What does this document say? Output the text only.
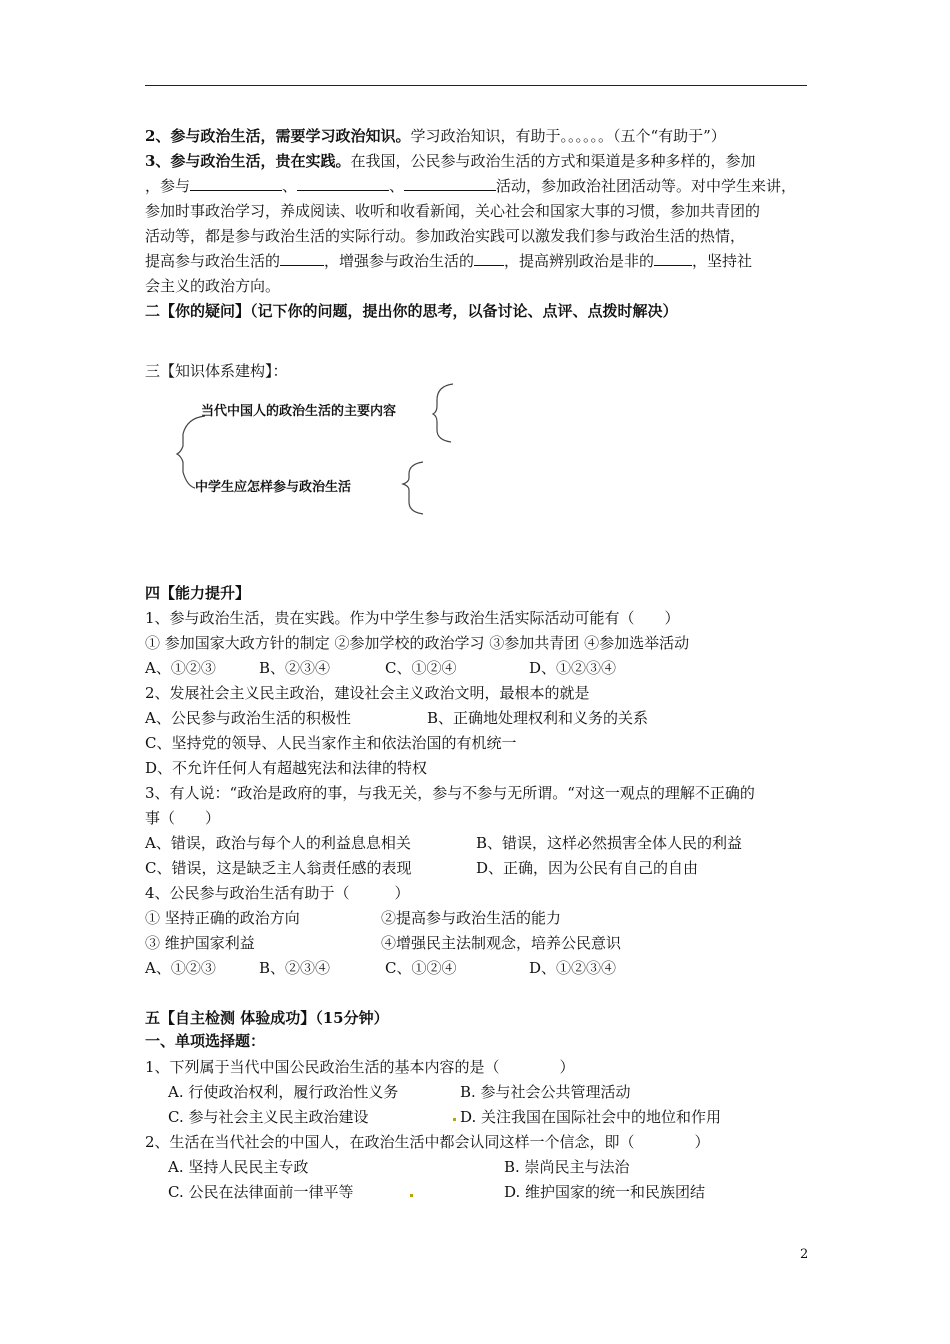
2、参与政治生活，需要学习政治知识。学习政治知识，有助于。。。。。。（五个“有助于”）
3、参与政治生活，贵在实践。在我国，公民参与政治生活的方式和渠道是多种多样的，参加
，参与	、	、	活动，参加政治社团活动等。对中学生来讲，
参加时事政治学习，养成阅读、收听和收看新闻，关心社会和国家大事的习惯，参加共青团的
活动等，都是参与政治生活的实际行动。参加政治实践可以激发我们参与政治生活的热情，
提高参与政治生活的	，增强参与政治生活的 ，提高辨别政治是非的	，坚持社
会主义的政治方向。
二【你的疑问】（记下你的问题，提出你的思考，以备讨论、点评、点拨时解决）
三【知识体系建构】：
当代中国人的政治生活的主要内容
中学生应怎样参与政治生活
四【能力提升】
1、参与政治生活，贵在实践。作为中学生参与政治生活实际活动可能有（　　）
① 参加国家大政方针的制定 ②参加学校的政治学习 ③参加共青团 ④参加选举活动
A、①②③	B、②③④	C、①②④	D、①②③④
2、发展社会主义民主政治，建设社会主义政治文明，最根本的就是
A、公民参与政治生活的积极性	B、正确地处理权利和义务的关系
C、坚持党的领导、人民当家作主和依法治国的有机统一
D、不允许任何人有超越宪法和法律的特权
3、有人说：“政治是政府的事，与我无关，参与不参与无所谓。“对这一观点的理解不正确的
事（　　）
A、错误，政治与每个人的利益息息相关	B、错误，这样必然损害全体人民的利益
C、错误，这是缺乏主人翁责任感的表现	D、正确，因为公民有自己的自由
4、公民参与政治生活有助于（　　　）
① 坚持正确的政治方向	②提高参与政治生活的能力
③ 维护国家利益	④增强民主法制观念，培养公民意识
A、①②③	B、②③④	C、①②④	D、①②③④
五【自主检测 体验成功】（15分钟）
一、单项选择题：
1、下列属于当代中国公民政治生活的基本内容的是（　　　　）
A. 行使政治权利，履行政治性义务	B. 参与社会公共管理活动
C. 参与社会主义民主政治建设	D. 关注我国在国际社会中的地位和作用
2、生活在当代社会的中国人，在政治生活中都会认同这样一个信念，即（　　　　）
A. 坚持人民民主专政	B. 崇尚民主与法治
C. 公民在法律面前一律平等	D. 维护国家的统一和民族团结
2
